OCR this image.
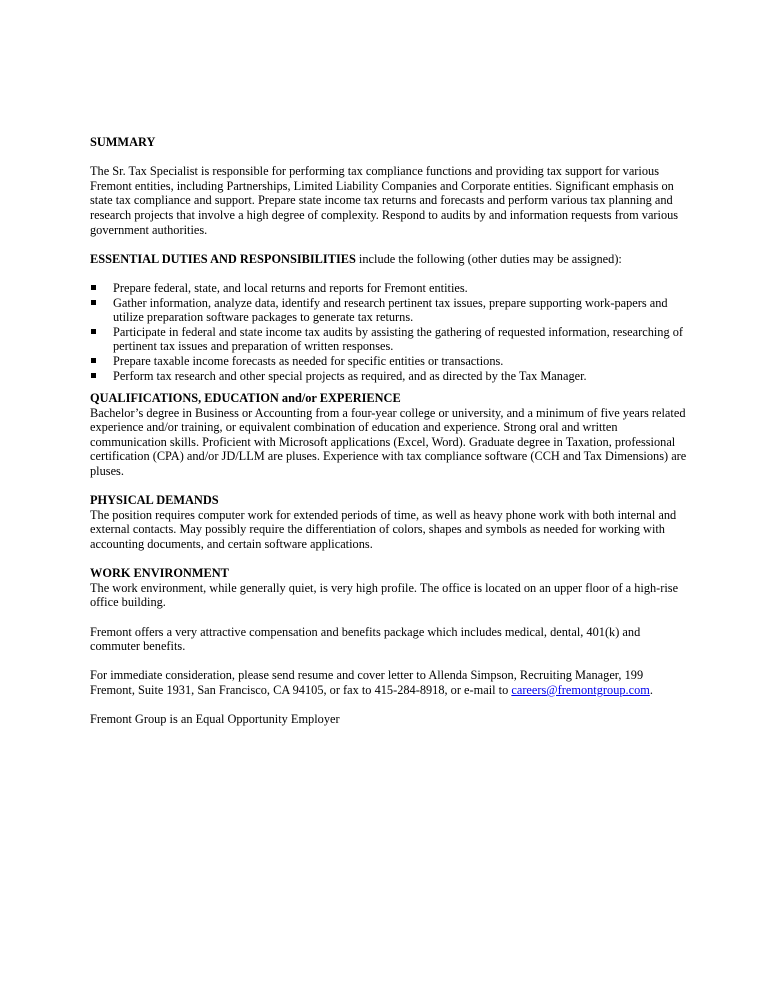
SUMMARY

The Sr. Tax Specialist is responsible for performing tax compliance functions and providing tax support for various Fremont entities, including Partnerships, Limited Liability Companies and Corporate entities. Significant emphasis on state tax compliance and support. Prepare state income tax returns and forecasts and perform various tax planning and research projects that involve a high degree of complexity. Respond to audits by and information requests from various government authorities.

ESSENTIAL DUTIES AND RESPONSIBILITIES include the following (other duties may be assigned):

Prepare federal, state, and local returns and reports for Fremont entities.
Gather information, analyze data, identify and research pertinent tax issues, prepare supporting work-papers and utilize preparation software packages to generate tax returns.
Participate in federal and state income tax audits by assisting the gathering of requested information, researching of pertinent tax issues and preparation of written responses.
Prepare taxable income forecasts as needed for specific entities or transactions.
Perform tax research and other special projects as required, and as directed by the Tax Manager.

QUALIFICATIONS, EDUCATION and/or EXPERIENCE

Bachelor’s degree in Business or Accounting from a four-year college or university, and a minimum of five years related experience and/or training, or equivalent combination of education and experience. Strong oral and written communication skills. Proficient with Microsoft applications (Excel, Word). Graduate degree in Taxation, professional certification (CPA) and/or JD/LLM are pluses. Experience with tax compliance software (CCH and Tax Dimensions) are pluses.

PHYSICAL DEMANDS

The position requires computer work for extended periods of time, as well as heavy phone work with both internal and external contacts. May possibly require the differentiation of colors, shapes and symbols as needed for working with accounting documents, and certain software applications.

WORK ENVIRONMENT

The work environment, while generally quiet, is very high profile. The office is located on an upper floor of a high-rise office building.

Fremont offers a very attractive compensation and benefits package which includes medical, dental, 401(k) and commuter benefits.

For immediate consideration, please send resume and cover letter to Allenda Simpson, Recruiting Manager, 199 Fremont, Suite 1931, San Francisco, CA 94105, or fax to 415-284-8918, or e-mail to careers@fremontgroup.com.

Fremont Group is an Equal Opportunity Employer
